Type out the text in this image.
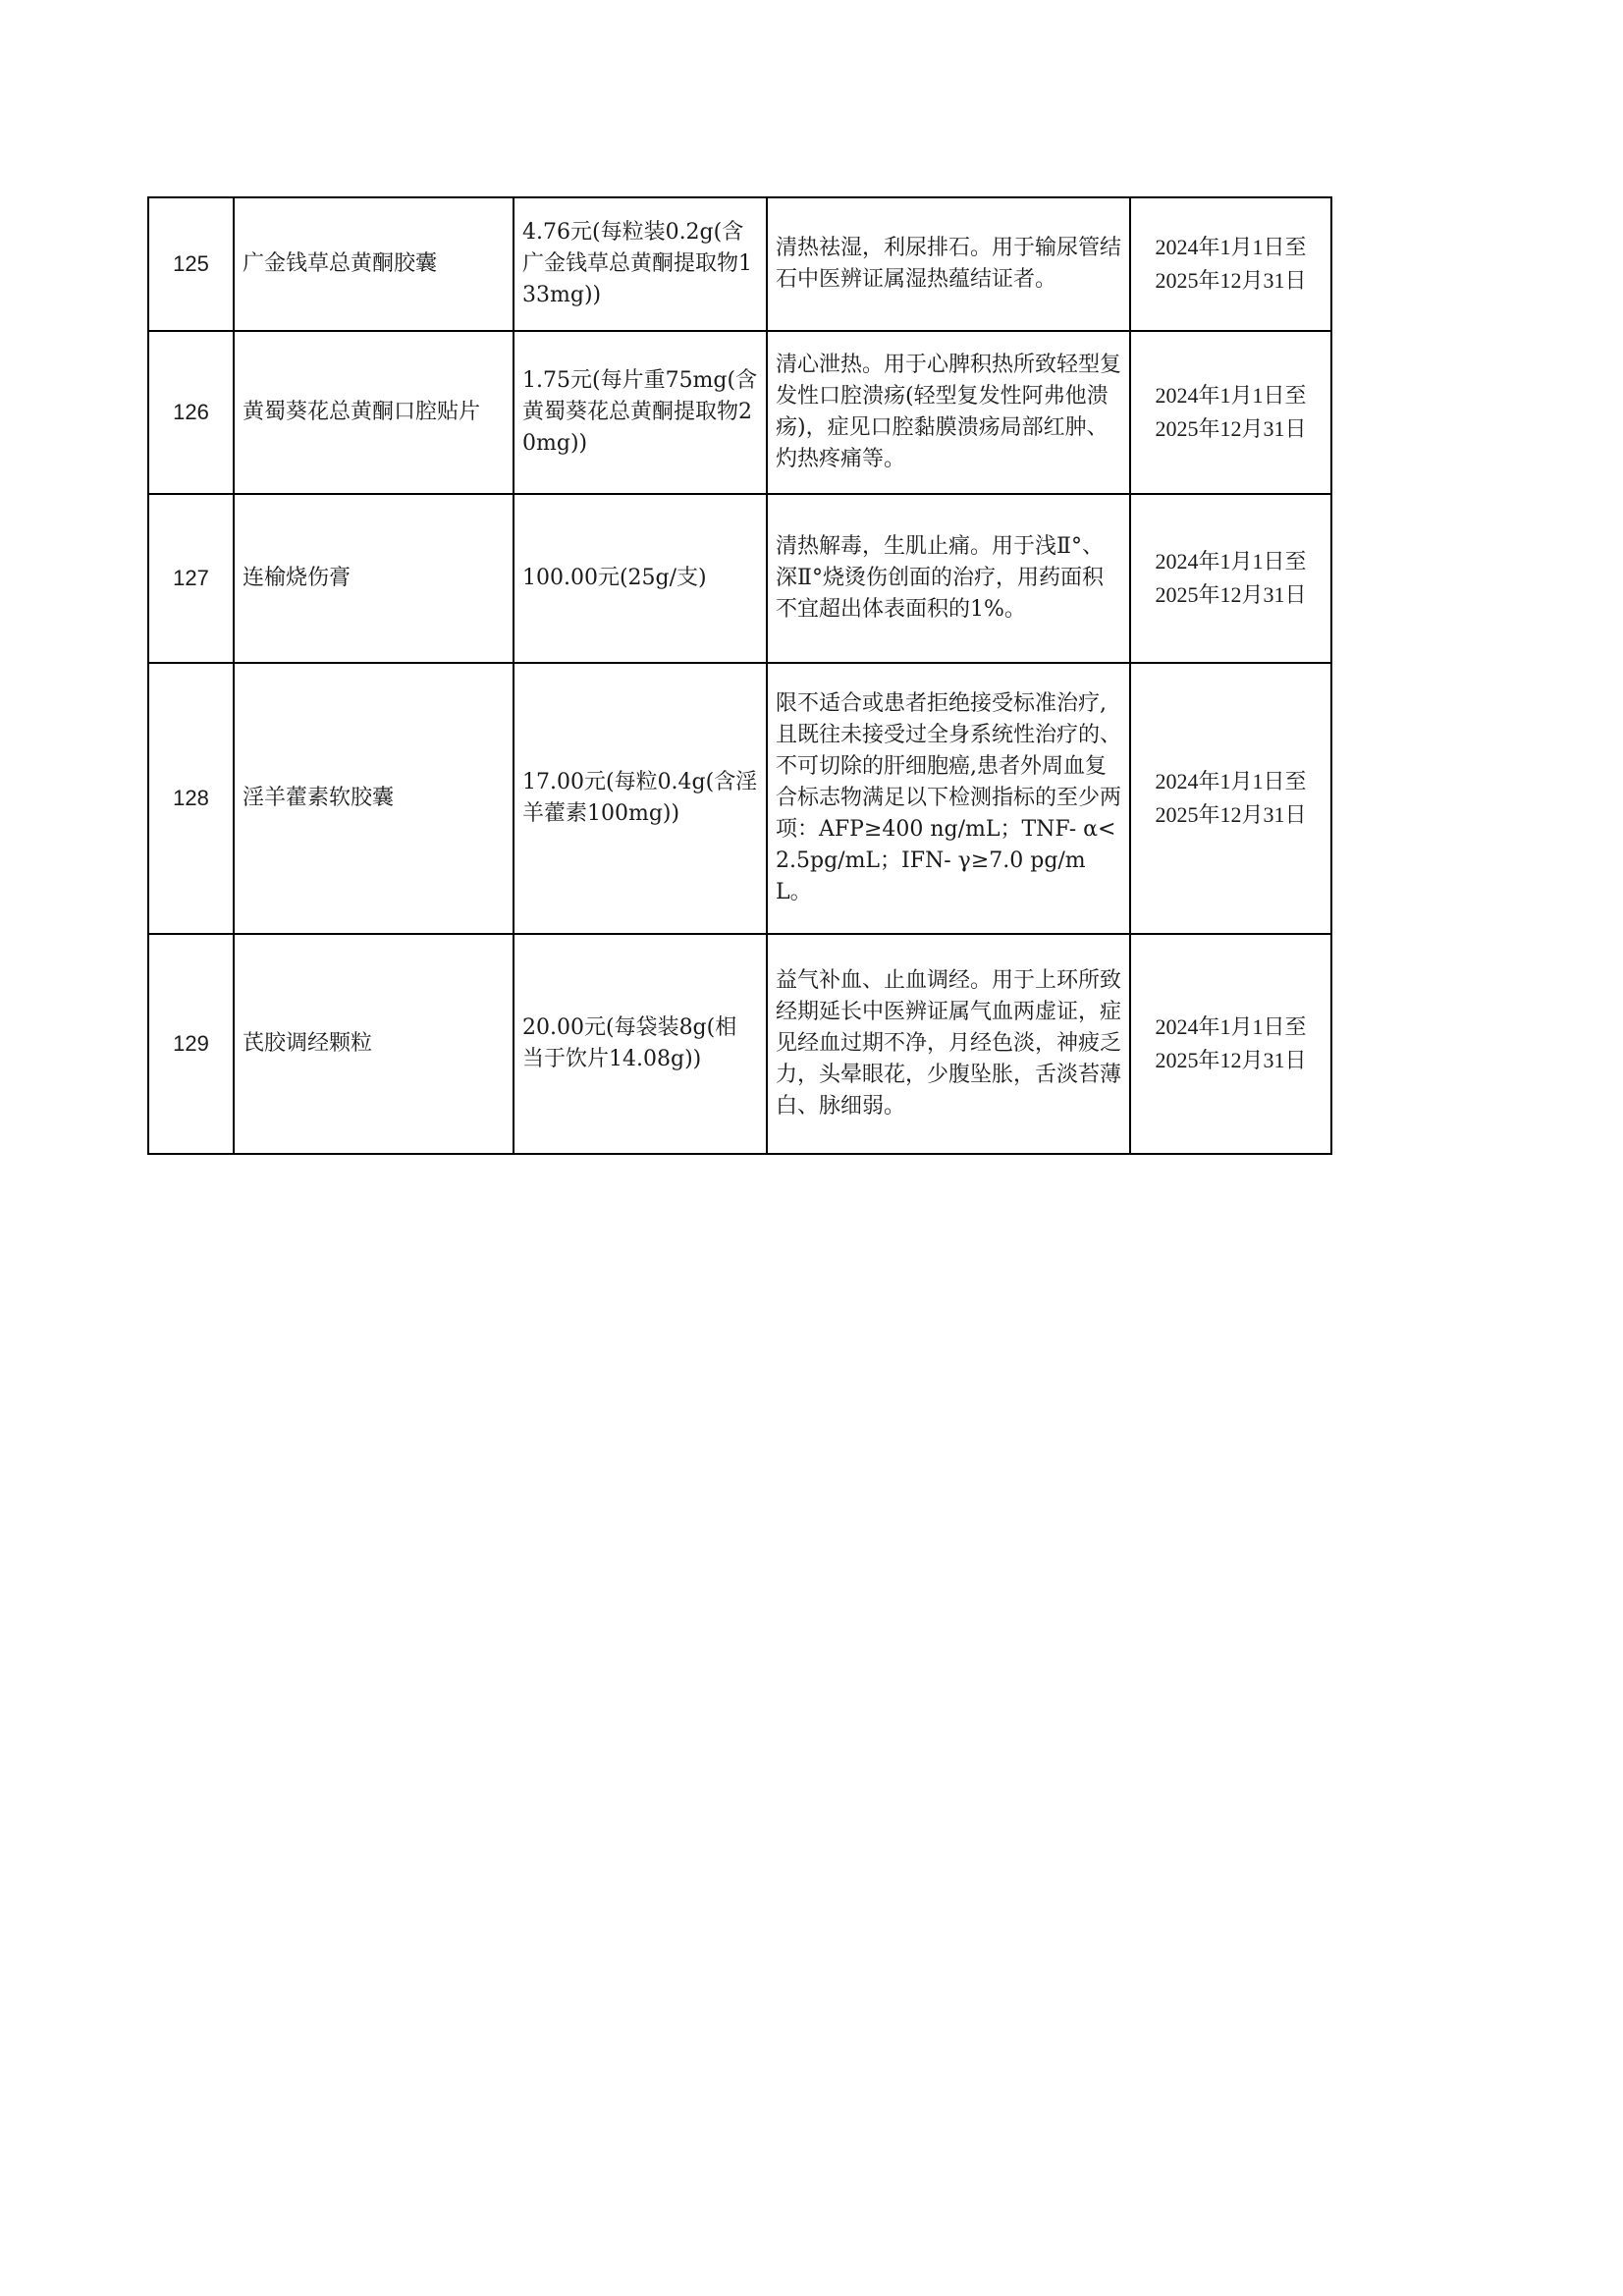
125	广金钱草总黄酮胶囊	4.76元(每粒装0.2g(含广金钱草总黄酮提取物133mg))	清热祛湿，利尿排石。用于输尿管结石中医辨证属湿热蕴结证者。	2024年1月1日至
2025年12月31日

126	黄蜀葵花总黄酮口腔贴片	1.75元(每片重75mg(含黄蜀葵花总黄酮提取物20mg))	清心泄热。用于心脾积热所致轻型复发性口腔溃疡(轻型复发性阿弗他溃疡)，症见口腔黏膜溃疡局部红肿、灼热疼痛等。	2024年1月1日至
2025年12月31日

127	连榆烧伤膏	100.00元(25g/支)	清热解毒，生肌止痛。用于浅Ⅱ°、深Ⅱ°烧烫伤创面的治疗，用药面积不宜超出体表面积的1%。	2024年1月1日至
2025年12月31日

128	淫羊藿素软胶囊	17.00元(每粒0.4g(含淫羊藿素100mg))	限不适合或患者拒绝接受标准治疗,且既往未接受过全身系统性治疗的、不可切除的肝细胞癌,患者外周血复合标志物满足以下检测指标的至少两项：AFP≥400 ng/mL；TNF- α<2.5pg/mL；IFN- γ≥7.0 pg/mL。	2024年1月1日至
2025年12月31日

129	芪胶调经颗粒	20.00元(每袋装8g(相当于饮片14.08g))	益气补血、止血调经。用于上环所致经期延长中医辨证属气血两虚证，症见经血过期不净，月经色淡，神疲乏力，头晕眼花，少腹坠胀，舌淡苔薄白、脉细弱。	2024年1月1日至
2025年12月31日
